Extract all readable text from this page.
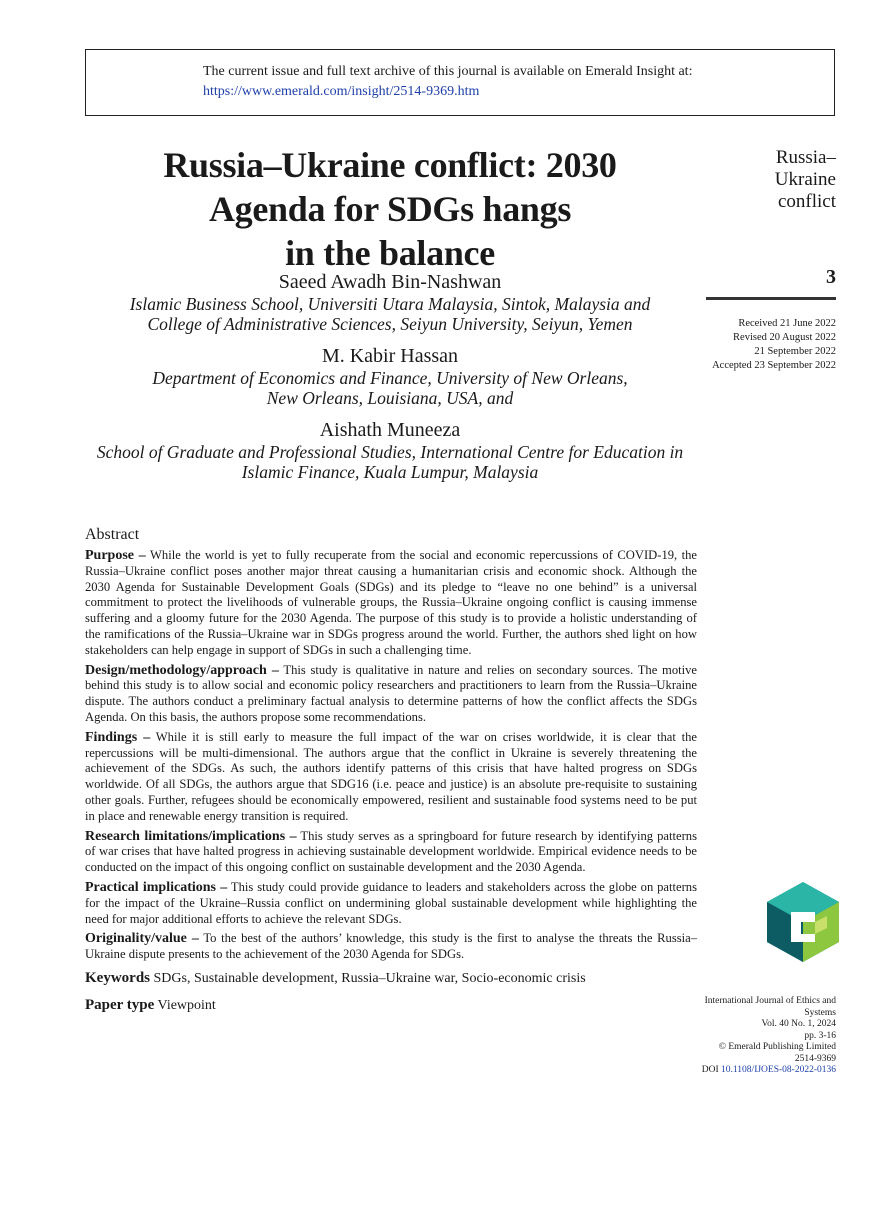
The current issue and full text archive of this journal is available on Emerald Insight at:
https://www.emerald.com/insight/2514-9369.htm
Russia–Ukraine conflict: 2030
Agenda for SDGs hangs
in the balance
Saeed Awadh Bin-Nashwan
Islamic Business School, Universiti Utara Malaysia, Sintok, Malaysia and
College of Administrative Sciences, Seiyun University, Seiyun, Yemen
M. Kabir Hassan
Department of Economics and Finance, University of New Orleans,
New Orleans, Louisiana, USA, and
Aishath Muneeza
School of Graduate and Professional Studies, International Centre for Education in
Islamic Finance, Kuala Lumpur, Malaysia
Russia–
Ukraine
conflict
3
Received 21 June 2022
Revised 20 August 2022
21 September 2022
Accepted 23 September 2022
Abstract

Purpose – While the world is yet to fully recuperate from the social and economic repercussions of COVID-19, the Russia–Ukraine conflict poses another major threat causing a humanitarian crisis and economic shock. Although the 2030 Agenda for Sustainable Development Goals (SDGs) and its pledge to “leave no one behind” is a universal commitment to protect the livelihoods of vulnerable groups, the Russia–Ukraine ongoing conflict is causing immense suffering and a gloomy future for the 2030 Agenda. The purpose of this study is to provide a holistic understanding of the ramifications of the Russia–Ukraine war in SDGs progress around the world. Further, the authors shed light on how stakeholders can help engage in support of SDGs in such a challenging time.

Design/methodology/approach – This study is qualitative in nature and relies on secondary sources. The motive behind this study is to allow social and economic policy researchers and practitioners to learn from the Russia–Ukraine dispute. The authors conduct a preliminary factual analysis to determine patterns of how the conflict affects the SDGs Agenda. On this basis, the authors propose some recommendations.

Findings – While it is still early to measure the full impact of the war on crises worldwide, it is clear that the repercussions will be multi-dimensional. The authors argue that the conflict in Ukraine is severely threatening the achievement of the SDGs. As such, the authors identify patterns of this crisis that have halted progress on SDGs worldwide. Of all SDGs, the authors argue that SDG16 (i.e. peace and justice) is an absolute pre-requisite to sustaining other goals. Further, refugees should be economically empowered, resilient and sustainable food systems need to be put in place and renewable energy transition is required.

Research limitations/implications – This study serves as a springboard for future research by identifying patterns of war crises that have halted progress in achieving sustainable development worldwide. Empirical evidence needs to be conducted on the impact of this ongoing conflict on sustainable development and the 2030 Agenda.

Practical implications – This study could provide guidance to leaders and stakeholders across the globe on patterns for the impact of the Ukraine–Russia conflict on undermining global sustainable development while highlighting the need for major additional efforts to achieve the relevant SDGs.

Originality/value – To the best of the authors’ knowledge, this study is the first to analyse the threats the Russia–Ukraine dispute presents to the achievement of the 2030 Agenda for SDGs.

Keywords SDGs, Sustainable development, Russia–Ukraine war, Socio-economic crisis
Paper type Viewpoint	International Journal of Ethics and
Systems
Vol. 40 No. 1, 2024
pp. 3-16
© Emerald Publishing Limited
2514-9369
DOI 10.1108/IJOES-08-2022-0136
